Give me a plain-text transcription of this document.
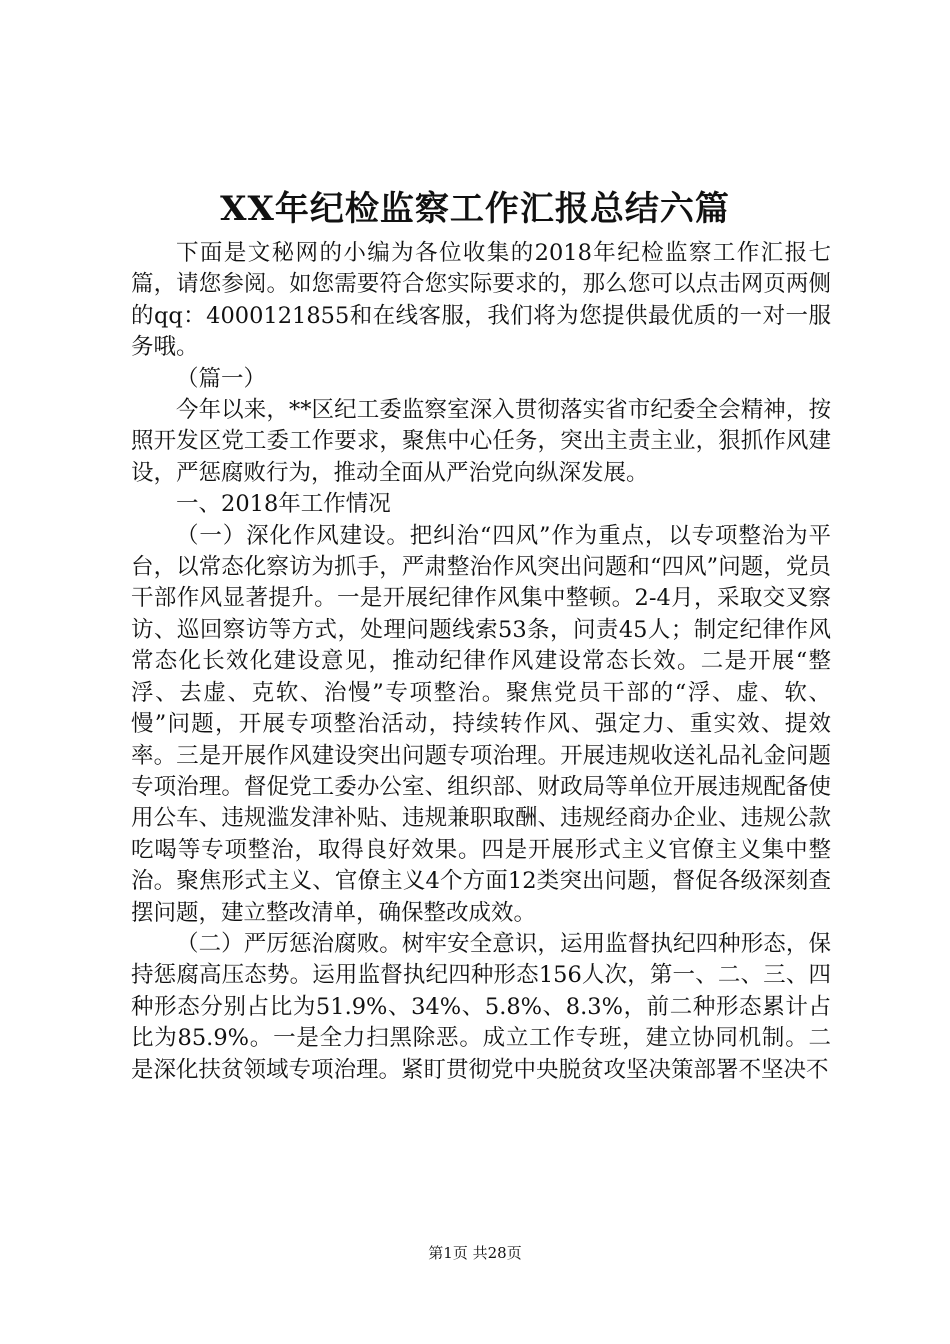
XX年纪检监察工作汇报总结六篇

下面是文秘网的小编为各位收集的2018年纪检监察工作汇报七篇，请您参阅。如您需要符合您实际要求的，那么您可以点击网页两侧的qq：4000121855和在线客服，我们将为您提供最优质的一对一服务哦。

（篇一）

今年以来，**区纪工委监察室深入贯彻落实省市纪委全会精神，按照开发区党工委工作要求，聚焦中心任务，突出主责主业，狠抓作风建设，严惩腐败行为，推动全面从严治党向纵深发展。

一、2018年工作情况

（一）深化作风建设。把纠治“四风”作为重点，以专项整治为平台，以常态化察访为抓手，严肃整治作风突出问题和“四风”问题，党员干部作风显著提升。一是开展纪律作风集中整顿。2-4月，采取交叉察访、巡回察访等方式，处理问题线索53条，问责45人；制定纪律作风常态化长效化建设意见，推动纪律作风建设常态长效。二是开展“整浮、去虚、克软、治慢”专项整治。聚焦党员干部的“浮、虚、软、慢”问题，开展专项整治活动，持续转作风、强定力、重实效、提效率。三是开展作风建设突出问题专项治理。开展违规收送礼品礼金问题专项治理。督促党工委办公室、组织部、财政局等单位开展违规配备使用公车、违规滥发津补贴、违规兼职取酬、违规经商办企业、违规公款吃喝等专项整治，取得良好效果。四是开展形式主义官僚主义集中整治。聚焦形式主义、官僚主义4个方面12类突出问题，督促各级深刻查摆问题，建立整改清单，确保整改成效。

（二）严厉惩治腐败。树牢安全意识，运用监督执纪四种形态，保持惩腐高压态势。运用监督执纪四种形态156人次，第一、二、三、四种形态分别占比为51.9%、34%、5.8%、8.3%，前二种形态累计占比为85.9%。一是全力扫黑除恶。成立工作专班，建立协同机制。二是深化扶贫领域专项治理。紧盯贯彻党中央脱贫攻坚决策部署不坚决不

第1页 共28页
